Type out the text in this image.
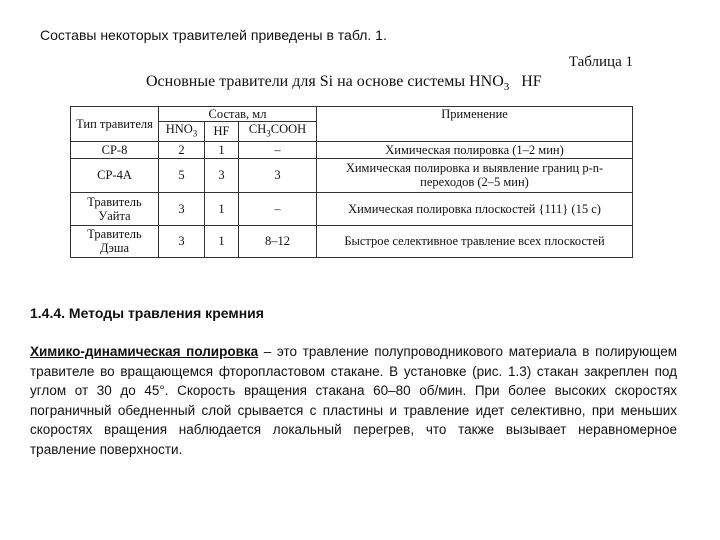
Составы некоторых травителей приведены в табл. 1.
Таблица 1
Основные травители для Si на основе системы $HNO_3$ HF
Тип травителя	Состав, мл			Применение
	$HNO_3$	HF	$CH_3COOH$	
СР-8	2	1	–	Химическая полировка (1–2 мин)
СР-4А	5	3	3	Химическая полировка и выявление границ р-n-переходов (2–5 мин)
Травитель Уайта	3	1	–	Химическая полировка плоскостей {111} (15 с)
Травитель Дэша	3	1	8–12	Быстрое селективное травление всех плоскостей
1.4.4. Методы травления кремния
Химико-динамическая полировка – это травление полупроводникового материала в полирующем травителе во вращающемся фторопластовом стакане. В установке (рис. 1.3) стакан закреплен под углом от 30 до 45°. Скорость вращения стакана 60–80 об/мин. При более высоких скоростях пограничный обедненный слой срывается с пластины и травление идет селективно, при меньших скоростях вращения наблюдается локальный перегрев, что также вызывает неравномерное травление поверхности.
